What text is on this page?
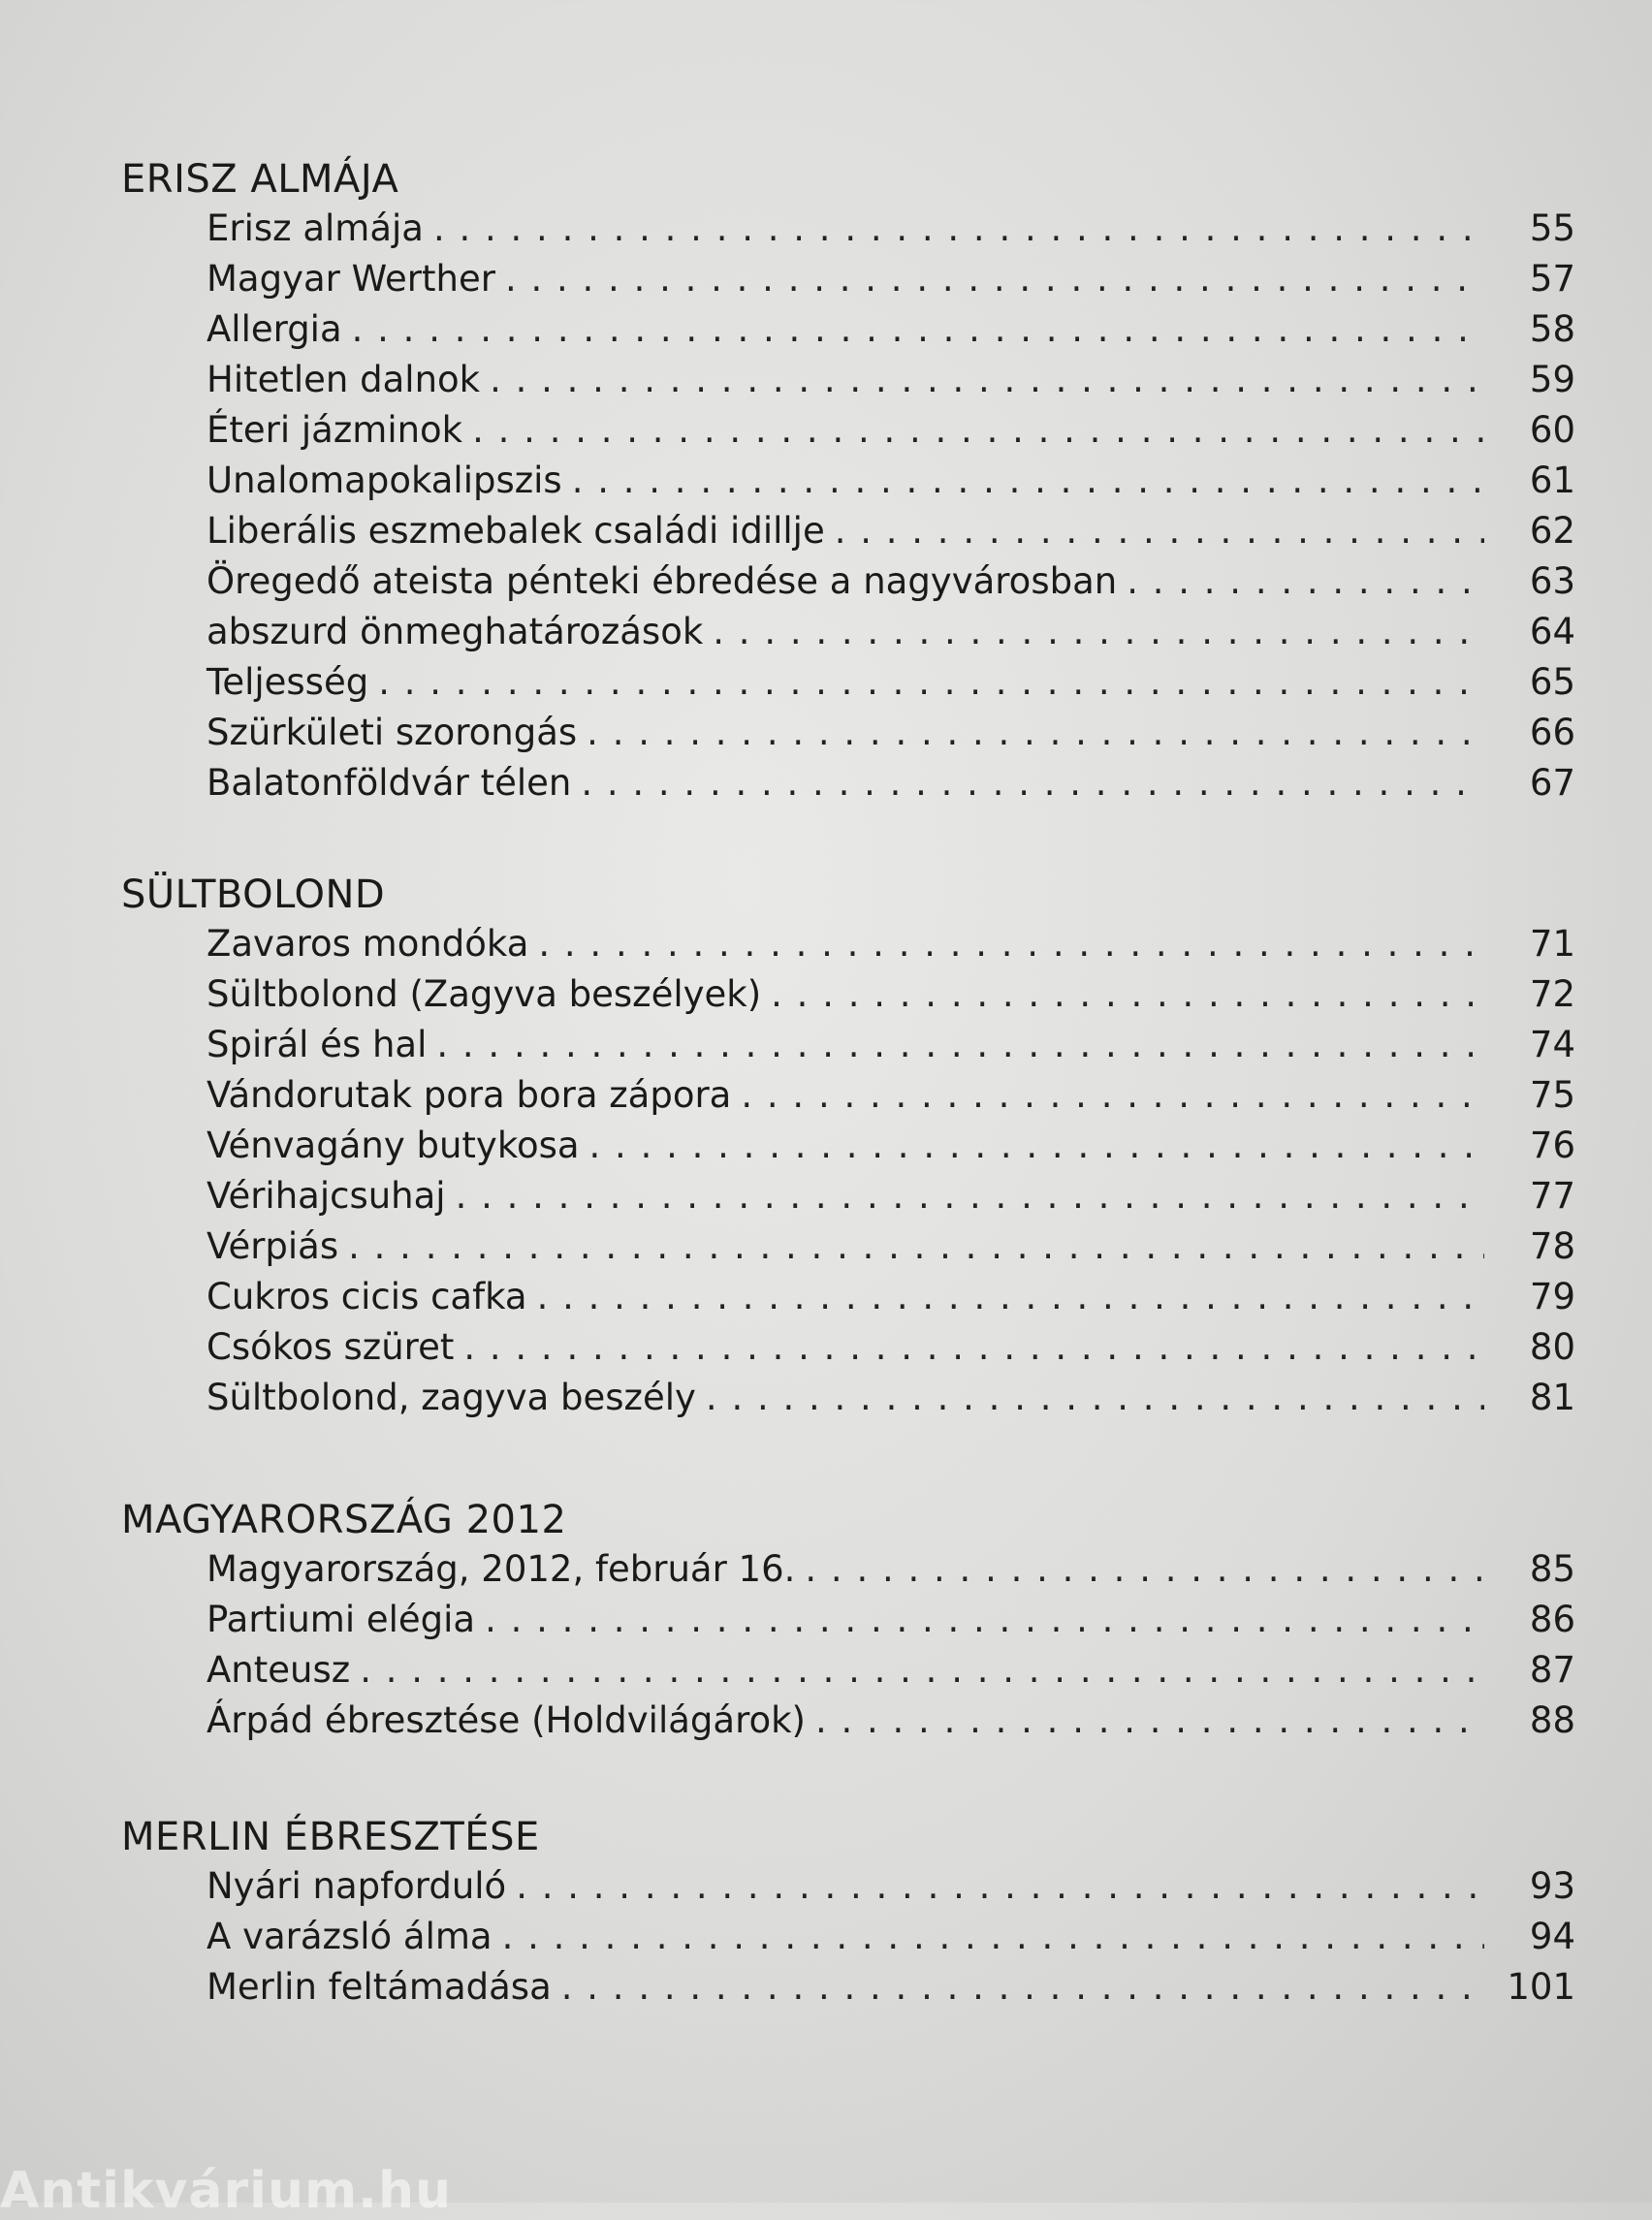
ERISZ ALMÁJA
Erisz almája . . .	55
Magyar Werther . . .	57
Allergia . . .	58
Hitetlen dalnok . . .	59
Éteri jázminok . . .	60
Unalomapokalipszis . . .	61
Liberális eszmebalek családi idillje . . .	62
Öregedő ateista pénteki ébredése a nagyvárosban . . .	63
abszurd önmeghatározások . . .	64
Teljesség . . .	65
Szürkületi szorongás . . .	66
Balatonföldvár télen . . .	67
SÜLTBOLOND
Zavaros mondóka . . .	71
Sültbolond (Zagyva beszélyek) . . .	72
Spirál és hal . . .	74
Vándorutak pora bora zápora . . .	75
Vénvagány butykosa . . .	76
Vérihajcsuhaj . . .	77
Vérpiás . . .	78
Cukros cicis cafka . . .	79
Csókos szüret . . .	80
Sültbolond, zagyva beszély . . .	81
MAGYARORSZÁG 2012
Magyarország, 2012, február 16. . . .	85
Partiumi elégia . . .	86
Anteusz . . .	87
Árpád ébresztése (Holdvilágárok) . . .	88
MERLIN ÉBRESZTÉSE
Nyári napforduló . . .	93
A varázsló álma . . .	94
Merlin feltámadása . . .	101
Antikvárium.hu
